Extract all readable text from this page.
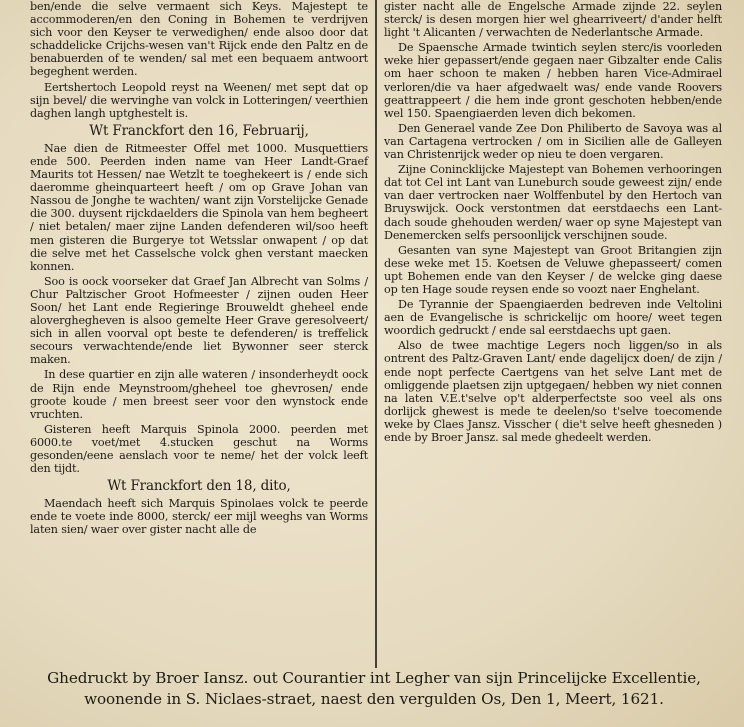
ben/ende die selve vermaent sich Keys. Majestept te accommoderen/en den Coning in Bohemen te verdrijven sich voor den Keyser te verwedighen/ ende alsoo door dat schaddelicke Crijchs-wesen van't Rijck ende den Paltz en de benabuerden of te wenden/ sal met een bequaem antwoort begeghent werden.

Eertshertoch Leopold reyst na Weenen/ met sept dat op sijn bevel/ die wervinghe van volck in Lotteringen/ veerthien daghen langh uptghestelt is.

Wt Franckfort den 16, Februarij,

Nae dien de Ritmeester Offel met 1000. Musquettiers ende 500. Peerden inden name van Heer Landt-Graef Maurits tot Hessen/ nae Wetzlt te toeghekeert is / ende sich daeromme gheinquarteert heeft / om op Grave Johan van Nassou de Jonghe te wachten/ want zijn Vorstelijcke Genade die 300. duysent rijckdaelders die Spinola van hem begheert / niet betalen/ maer zijne Landen defenderen wil/soo heeft men gisteren die Burgerye tot Wetsslar onwapent / op dat die selve met het Casselsche volck ghen verstant maecken konnen.

Soo is oock voorseker dat Graef Jan Albrecht van Solms / Chur Paltzischer Groot Hofmeester / zijnen ouden Heer Soon/ het Lant ende Regieringe Brouweldt gheheel ende aloverghegheven is alsoo gemelte Heer Grave geresolveert/ sich in allen voorval opt beste te defenderen/ is treffelick secours verwachtende/ende liet Bywonner seer sterck maken.

In dese quartier en zijn alle wateren / insonderheydt oock de Rijn ende Meynstroom/gheheel toe ghevrosen/ ende groote koude / men breest seer voor den wynstock ende vruchten.

Gisteren heeft Marquis Spinola 2000. peerden met 6000.te voet/met 4.stucken geschut na Worms gesonden/eene aenslach voor te neme/ het der volck leeft den tijdt.

Wt Franckfort den 18, dito,

Maendach heeft sich Marquis Spinolaes volck te peerde ende te voete inde 8000, sterck/ eer mijl weeghs van Worms laten sien/ waer over gister nacht alle de

gister nacht alle de Engelsche Armade zijnde 22. seylen sterck/ is desen morgen hier wel ghearriveert/ d'ander helft light 't Alicanten / verwachten de Nederlantsche Armade.

De Spaensche Armade twintich seylen sterc/is voorleden weke hier gepassert/ende gegaen naer Gibzalter ende Calis om haer schoon te maken / hebben haren Vice-Admirael verloren/die va haer afgedwaelt was/ ende vande Roovers geattrappeert / die hem inde gront geschoten hebben/ende wel 150. Spaengiaerden leven dich bekomen.

Den Generael vande Zee Don Philiberto de Savoya was al van Cartagena vertrocken / om in Sicilien alle de Galleyen van Christenrijck weder op nieu te doen vergaren.

Zijne Conincklijcke Majestept van Bohemen verhooringen dat tot Cel int Lant van Luneburch soude geweest zijn/ ende van daer vertrocken naer Wolffenbutel by den Hertoch van Bruyswijck. Oock verstontmen dat eerstdaechs een Lant-dach soude ghehouden werden/ waer op syne Majestept van Denemercken selfs persoonlijck verschijnen soude.

Gesanten van syne Majestept van Groot Britangien zijn dese weke met 15. Koetsen de Veluwe ghepasseert/ comen upt Bohemen ende van den Keyser / de welcke ging daese op ten Hage soude reysen ende so voozt naer Enghelant.

De Tyrannie der Spaengiaerden bedreven inde Veltolini aen de Evangelische is schrickelijc om hoore/ weet tegen woordich gedruckt / ende sal eerstdaechs upt gaen.

Also de twee machtige Legers noch liggen/so in als ontrent des Paltz-Graven Lant/ ende dagelijcx doen/ de zijn / ende nopt perfecte Caertgens van het selve Lant met de omliggende plaetsen zijn uptgegaen/ hebben wy niet connen na laten V.E.t'selve op't alderperfectste soo veel als ons dorlijck ghewest is mede te deelen/so t'selve toecomende weke by Claes Jansz. Visscher ( die't selve heeft ghesneden ) ende by Broer Jansz. sal mede ghedeelt werden.

Ghedruckt by Broer Iansz. out Courantier int Legher van sijn Princelijcke Excellentie,
woonende in S. Niclaes-straet, naest den vergulden Os, Den 1, Meert, 1621.
